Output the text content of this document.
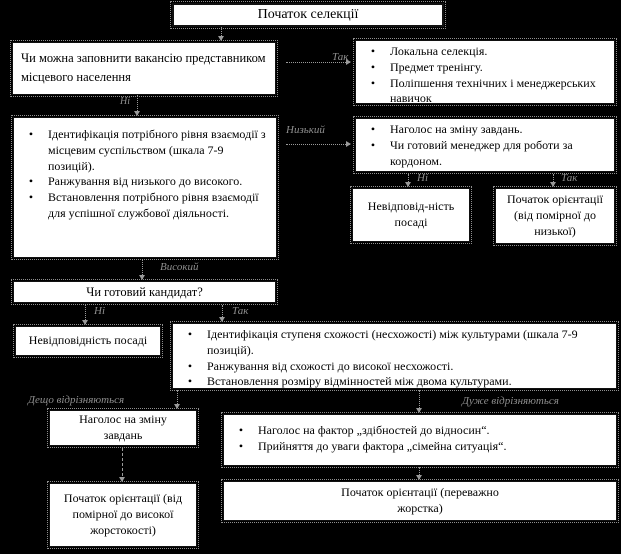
Початок селекції
Чи можна заповнити вакансію представником місцевого населення
• Локальна селекція.
• Предмет тренінгу.
• Поліпшення технічних і менеджерських навичок
• Ідентифікація потрібного рівня взаємодії з місцевим суспільством (шкала 7-9 позицій).
• Ранжування від низького до високого.
• Встановлення потрібного рівня взаємодії для успішної службової діяльності.
• Наголос на зміну завдань.
• Чи готовий менеджер для роботи за кордоном.
Невідповід-ність посаді
Початок орієнтації (від помірної до низької)
Чи готовий кандидат?
Невідповідність посаді	• Ідентифікація ступеня схожості (несхожості) між культурами (шкала 7-9 позицій).
• Ранжування від схожості до високої несхожості.
• Встановлення розміру відмінностей між двома культурами.
Наголос на зміну завдань	• Наголос на фактор „здібностей до відносин“.
• Прийняття до уваги фактора „сімейна ситуація“.
Початок орієнтації (від помірної до високої жорстокості)
Початок орієнтації (переважно жорстка)
Так
Ні
Низький
Високий
Ні	Так
Ні	Так
Дещо відрізняються	Дуже відрізняються
